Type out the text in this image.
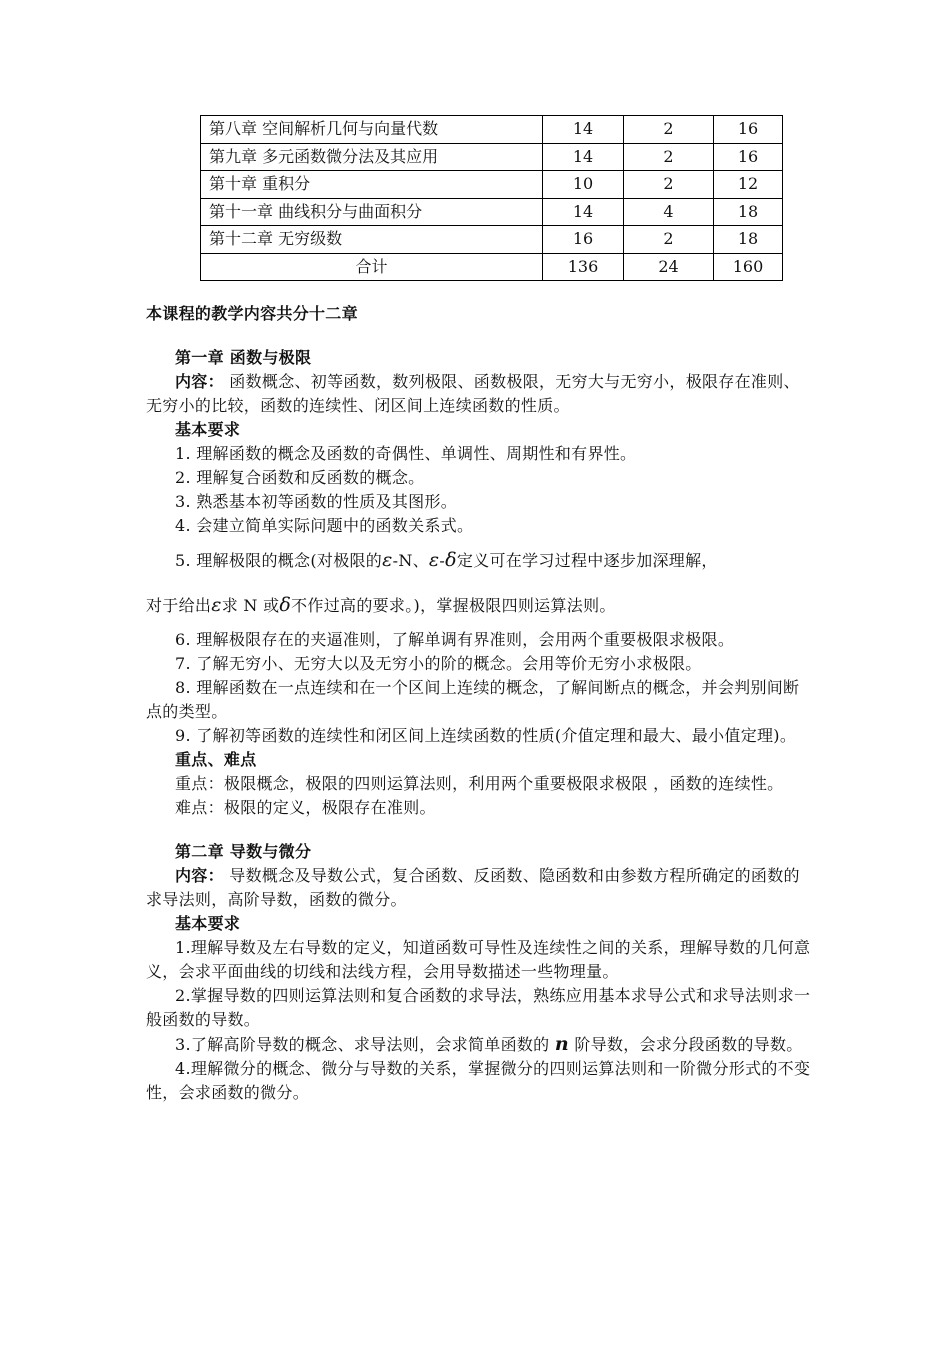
第八章 空间解析几何与向量代数	14	2	16
第九章 多元函数微分法及其应用	14	2	16
第十章 重积分	10	2	12
第十一章 曲线积分与曲面积分	14	4	18
第十二章 无穷级数	16	2	18
合计	136	24	160

本课程的教学内容共分十二章

第一章 函数与极限

内容： 函数概念、初等函数，数列极限、函数极限，无穷大与无穷小，极限存在准则、无穷小的比较，函数的连续性、闭区间上连续函数的性质。

基本要求

1. 理解函数的概念及函数的奇偶性、单调性、周期性和有界性。

2. 理解复合函数和反函数的概念。

3. 熟悉基本初等函数的性质及其图形。

4. 会建立简单实际问题中的函数关系式。

5. 理解极限的概念(对极限的ε-N、ε-δ定义可在学习过程中逐步加深理解，

对于给出ε求 N 或δ不作过高的要求。)，掌握极限四则运算法则。

6. 理解极限存在的夹逼准则，了解单调有界准则，会用两个重要极限求极限。

7. 了解无穷小、无穷大以及无穷小的阶的概念。会用等价无穷小求极限。

8. 理解函数在一点连续和在一个区间上连续的概念，了解间断点的概念，并会判别间断点的类型。

9. 了解初等函数的连续性和闭区间上连续函数的性质(介值定理和最大、最小值定理)。

重点、难点

重点：极限概念，极限的四则运算法则，利用两个重要极限求极限 ，函数的连续性。

难点：极限的定义，极限存在准则。

第二章 导数与微分

内容： 导数概念及导数公式，复合函数、反函数、隐函数和由参数方程所确定的函数的求导法则，高阶导数，函数的微分。

基本要求

1.理解导数及左右导数的定义，知道函数可导性及连续性之间的关系，理解导数的几何意义，会求平面曲线的切线和法线方程，会用导数描述一些物理量。

2.掌握导数的四则运算法则和复合函数的求导法，熟练应用基本求导公式和求导法则求一般函数的导数。

3.了解高阶导数的概念、求导法则，会求简单函数的 n 阶导数，会求分段函数的导数。

4.理解微分的概念、微分与导数的关系，掌握微分的四则运算法则和一阶微分形式的不变性，会求函数的微分。
